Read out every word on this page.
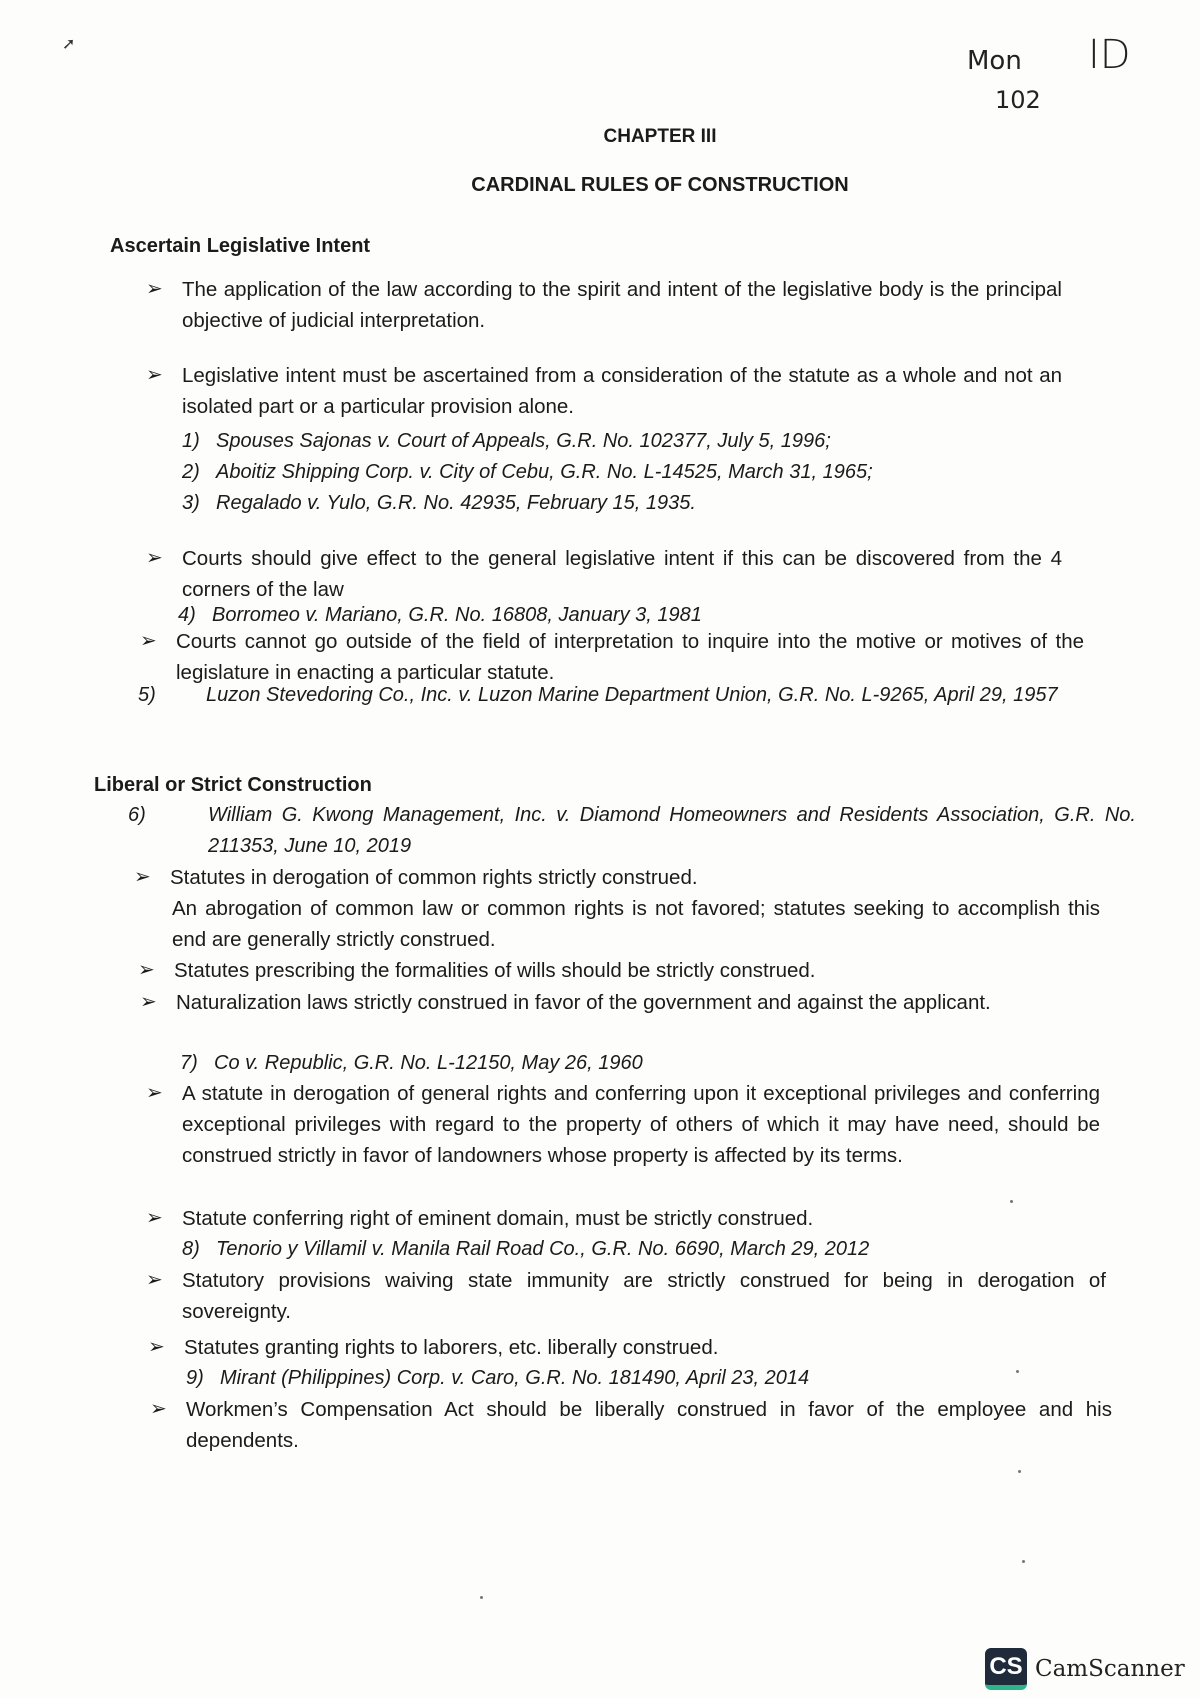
➚
Mon ID
102
CHAPTER III
CARDINAL RULES OF CONSTRUCTION
Ascertain Legislative Intent
➢ The application of the law according to the spirit and intent of the legislative body is the principal objective of judicial interpretation.
➢ Legislative intent must be ascertained from a consideration of the statute as a whole and not an isolated part or a particular provision alone.
1) Spouses Sajonas v. Court of Appeals, G.R. No. 102377, July 5, 1996;
2) Aboitiz Shipping Corp. v. City of Cebu, G.R. No. L-14525, March 31, 1965;
3) Regalado v. Yulo, G.R. No. 42935, February 15, 1935.
➢ Courts should give effect to the general legislative intent if this can be discovered from the 4 corners of the law
4) Borromeo v. Mariano, G.R. No. 16808, January 3, 1981
➢ Courts cannot go outside of the field of interpretation to inquire into the motive or motives of the legislature in enacting a particular statute.
5)	Luzon Stevedoring Co., Inc. v. Luzon Marine Department Union, G.R. No. L-9265, April 29, 1957
Liberal or Strict Construction
6)	William G. Kwong Management, Inc. v. Diamond Homeowners and Residents Association, G.R. No. 211353, June 10, 2019
➢ Statutes in derogation of common rights strictly construed.
An abrogation of common law or common rights is not favored; statutes seeking to accomplish this end are generally strictly construed.
➢ Statutes prescribing the formalities of wills should be strictly construed.
➢ Naturalization laws strictly construed in favor of the government and against the applicant.
7) Co v. Republic, G.R. No. L-12150, May 26, 1960
➢ A statute in derogation of general rights and conferring upon it exceptional privileges and conferring exceptional privileges with regard to the property of others of which it may have need, should be construed strictly in favor of landowners whose property is affected by its terms.
➢ Statute conferring right of eminent domain, must be strictly construed.
8) Tenorio y Villamil v. Manila Rail Road Co., G.R. No. 6690, March 29, 2012
➢ Statutory provisions waiving state immunity are strictly construed for being in derogation of sovereignty.
➢ Statutes granting rights to laborers, etc. liberally construed.
9) Mirant (Philippines) Corp. v. Caro, G.R. No. 181490, April 23, 2014
➢ Workmen’s Compensation Act should be liberally construed in favor of the employee and his dependents.
CS CamScanner
